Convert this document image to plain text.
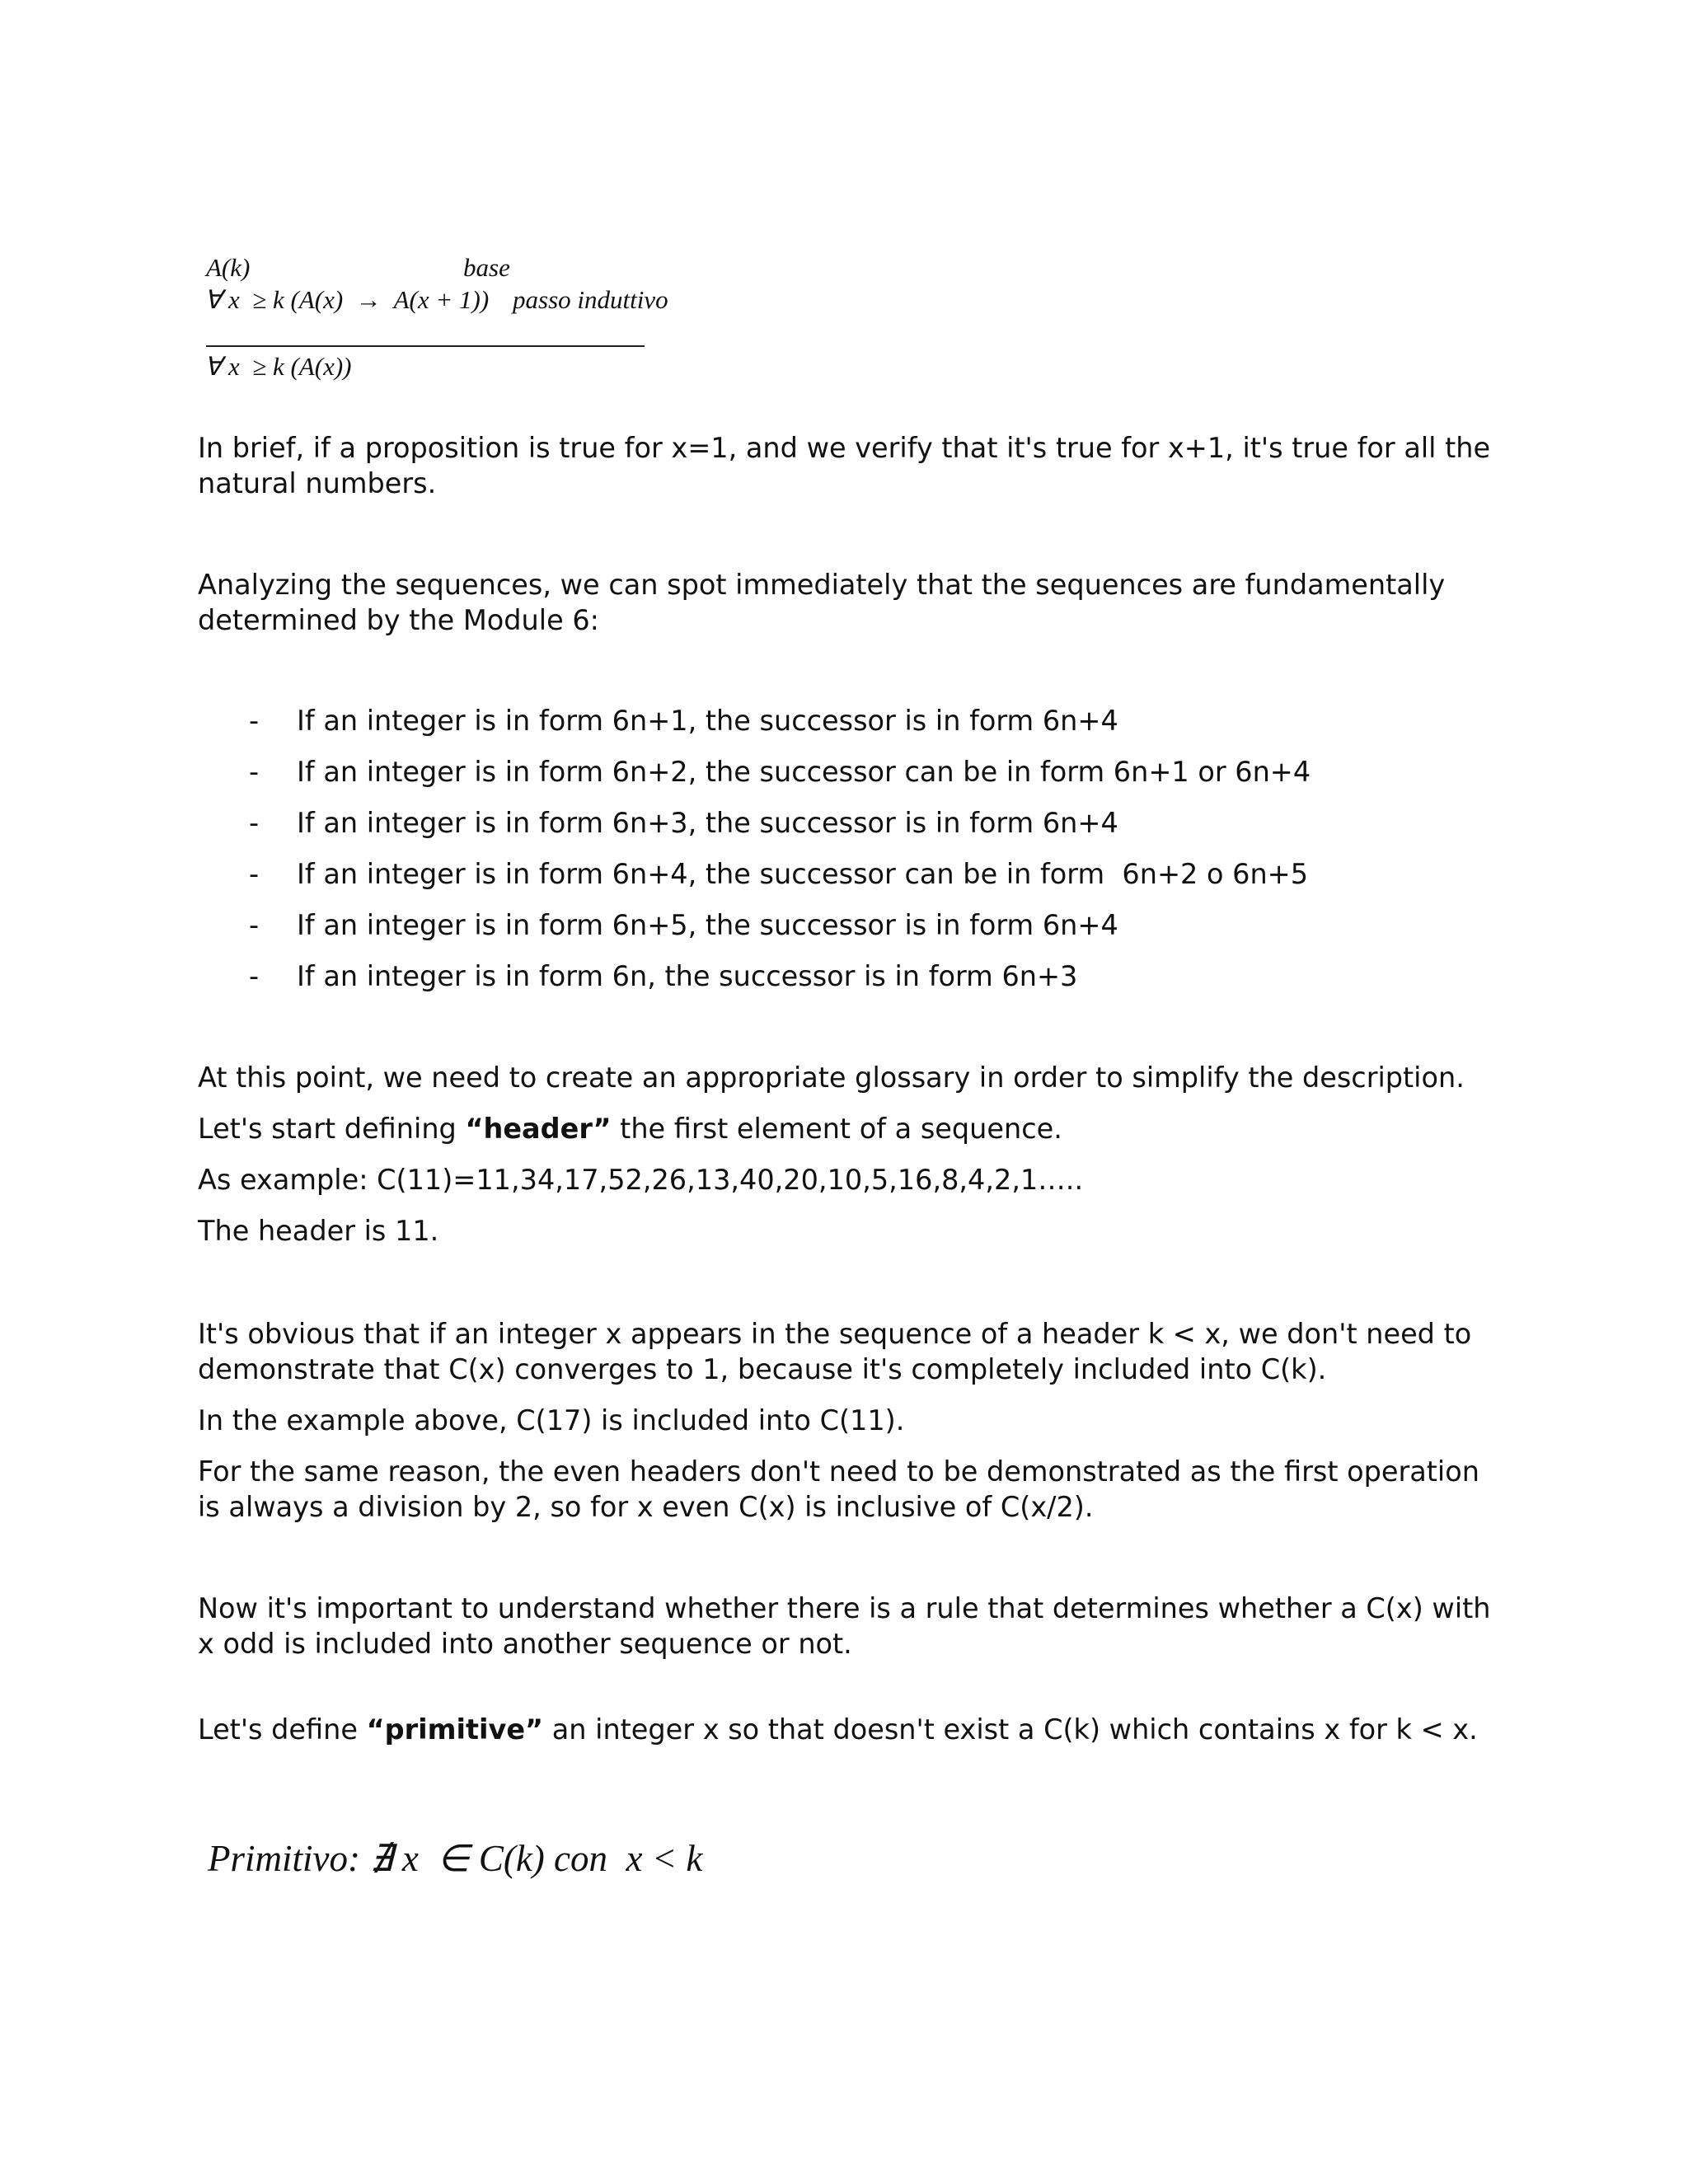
A(k)	base
∀ x  ≥ k (A(x)  →  A(x + 1)) passo induttivo
∀ x  ≥ k (A(x))
In brief, if a proposition is true for x=1, and we verify that it's true for x+1, it's true for all the natural numbers.
Analyzing the sequences, we can spot immediately that the sequences are fundamentally determined by the Module 6:

-

If an integer is in form 6n+1, the successor is in form 6n+4

-

If an integer is in form 6n+2, the successor can be in form 6n+1 or 6n+4

-

If an integer is in form 6n+3, the successor is in form 6n+4

-

If an integer is in form 6n+4, the successor can be in form  6n+2 o 6n+5

-

If an integer is in form 6n+5, the successor is in form 6n+4

-

If an integer is in form 6n, the successor is in form 6n+3

At this point, we need to create an appropriate glossary in order to simplify the description.
Let's start defining “header” the first element of a sequence.
As example: C(11)=11,34,17,52,26,13,40,20,10,5,16,8,4,2,1…..
The header is 11.
It's obvious that if an integer x appears in the sequence of a header k < x, we don't need to demonstrate that C(x) converges to 1, because it's completely included into C(k).
In the example above, C(17) is included into C(11).
For the same reason, the even headers don't need to be demonstrated as the first operation is always a division by 2, so for x even C(x) is inclusive of C(x/2).
Now it's important to understand whether there is a rule that determines whether a C(x) with x odd is included into another sequence or not.
Let's define “primitive” an integer x so that doesn't exist a C(k) which contains x for k < x.
Primitivo: ∄ x  ∈ C(k) con  x < k
